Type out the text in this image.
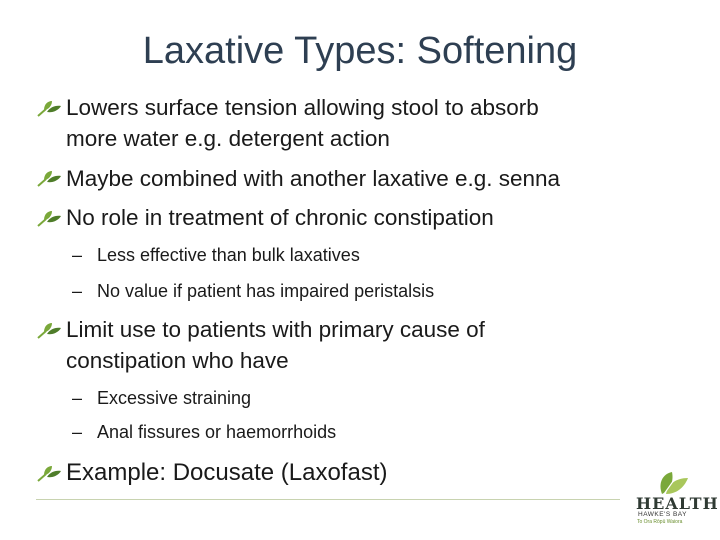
Laxative Types: Softening
Lowers surface tension allowing stool to absorb
more water e.g. detergent action
Maybe combined with another laxative e.g. senna
No role in treatment of chronic constipation
– Less effective than bulk laxatives
– No value if patient has impaired peristalsis
Limit use to patients with primary cause of
constipation who have
– Excessive straining
– Anal fissures or haemorrhoids
Example: Docusate (Laxofast)
HEALTH
HAWKE'S BAY
To Ora Rōpū Waiora
